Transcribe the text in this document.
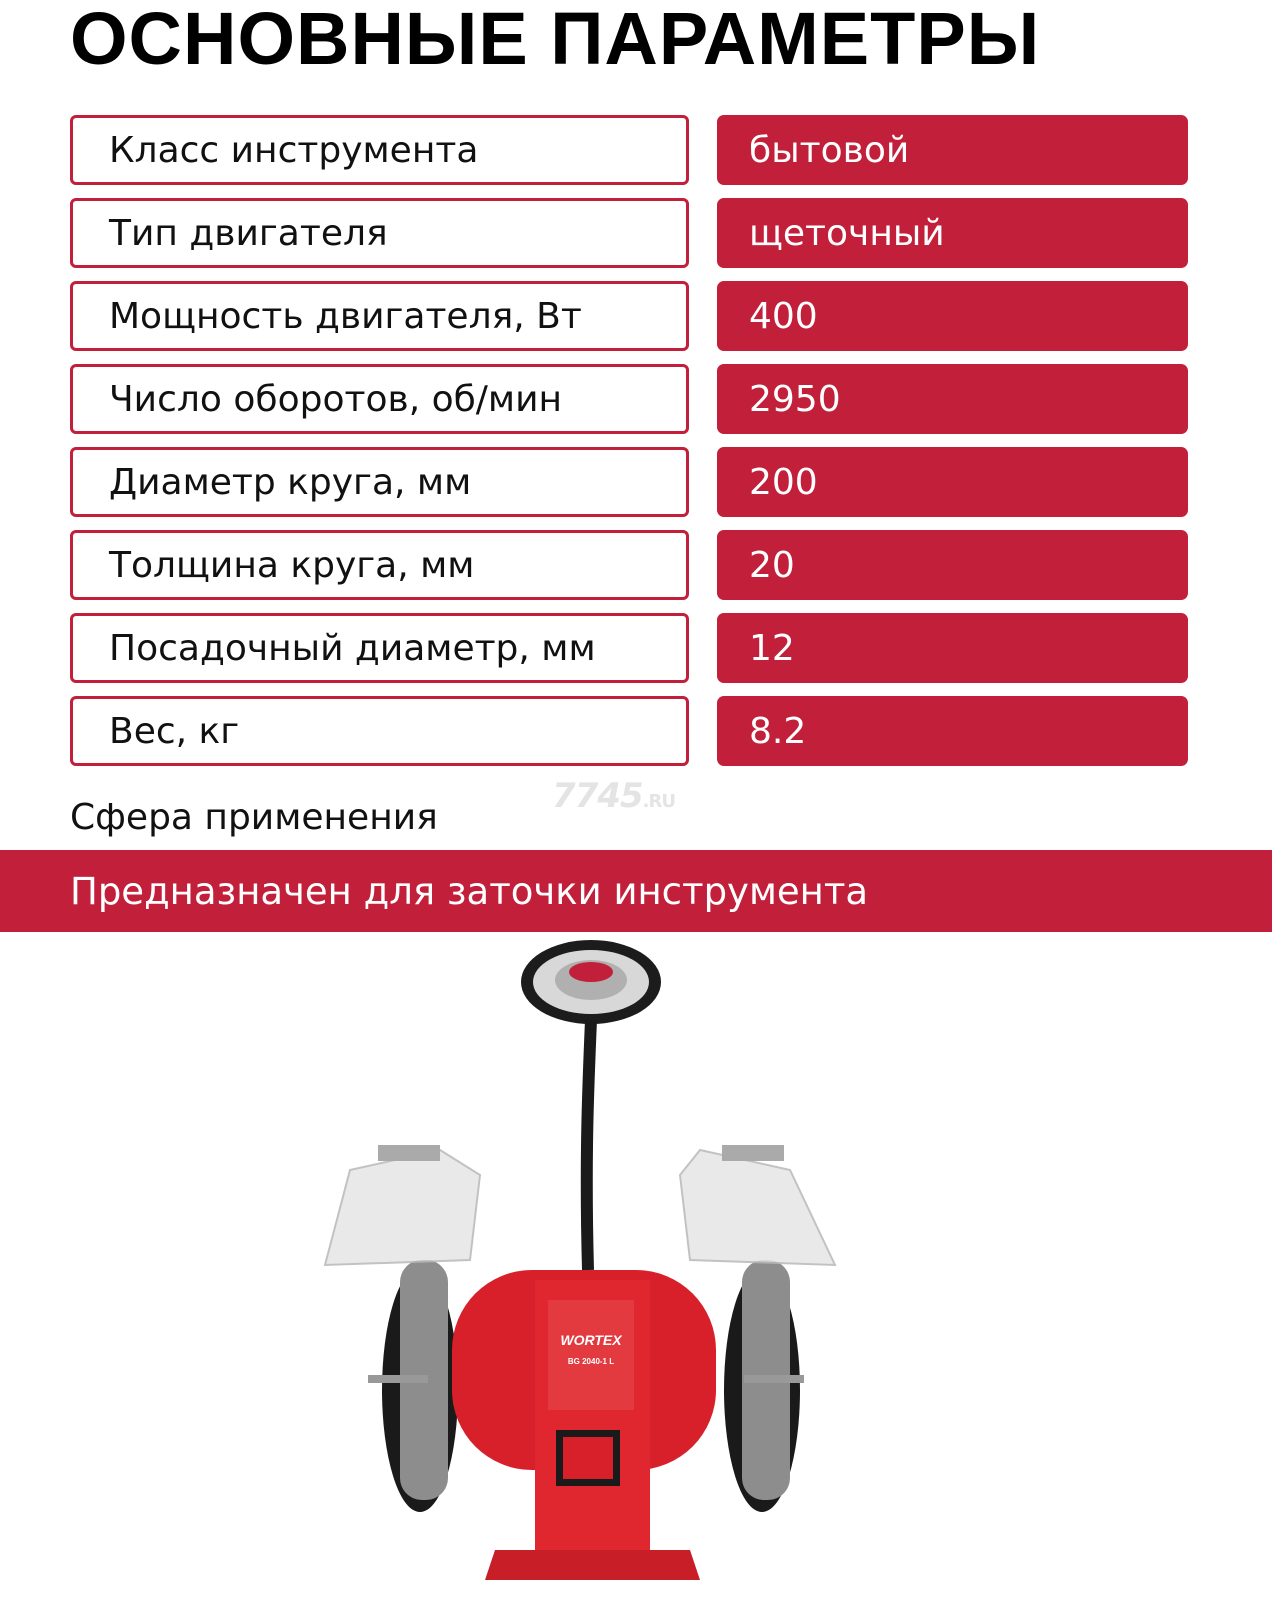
ОСНОВНЫЕ ПАРАМЕТРЫ
Класс инструмента	бытовой
Тип двигателя	щеточный
Мощность двигателя, Вт	400
Число оборотов, об/мин	2950
Диаметр круга, мм	200
Толщина круга, мм	20
Посадочный диаметр, мм	12
Вес, кг	8.2
7745.RU
Сфера применения
Предназначен для заточки инструмента
WORTEX
BG 2040-1 L
